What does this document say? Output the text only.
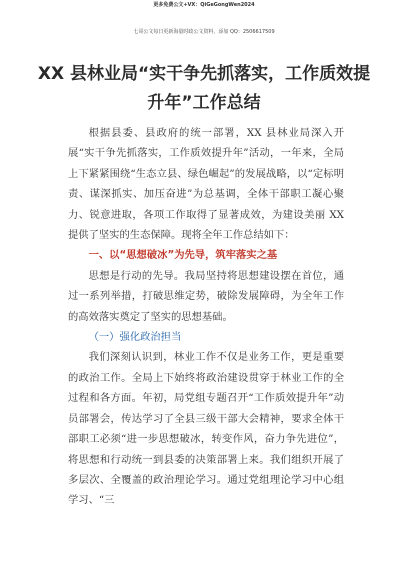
更多免费公文+VX：QiGeGongWen2024
七哥公文每日更新海量时政公文资料，添加 QQ：2506617509
XX 县林业局“实干争先抓落实，工作质效提升年”工作总结

根据县委、县政府的统一部署，XX 县林业局深入开展“实干争先抓落实，工作质效提升年”活动，一年来，全局上下紧紧围绕“生态立县、绿色崛起”的发展战略，以“定标明责、谋深抓实、加压奋进”为总基调，全体干部职工凝心聚力、锐意进取，各项工作取得了显著成效，为建设美丽 XX 提供了坚实的生态保障。现将全年工作总结如下：

一、以“思想破冰”为先导，筑牢落实之基

思想是行动的先导。我局坚持将思想建设摆在首位，通过一系列举措，打破思维定势，破除发展障碍，为全年工作的高效落实奠定了坚实的思想基础。

（一）强化政治担当

我们深刻认识到，林业工作不仅是业务工作，更是重要的政治工作。全局上下始终将政治建设贯穿于林业工作的全过程和各方面。年初，局党组专题召开“工作质效提升年”动员部署会，传达学习了全县三级干部大会精神，要求全体干部职工必须“进一步思想破冰，转变作风，奋力争先进位”，将思想和行动统一到县委的决策部署上来。我们组织开展了多层次、全覆盖的政治理论学习。通过党组理论学习中心组学习、“三
